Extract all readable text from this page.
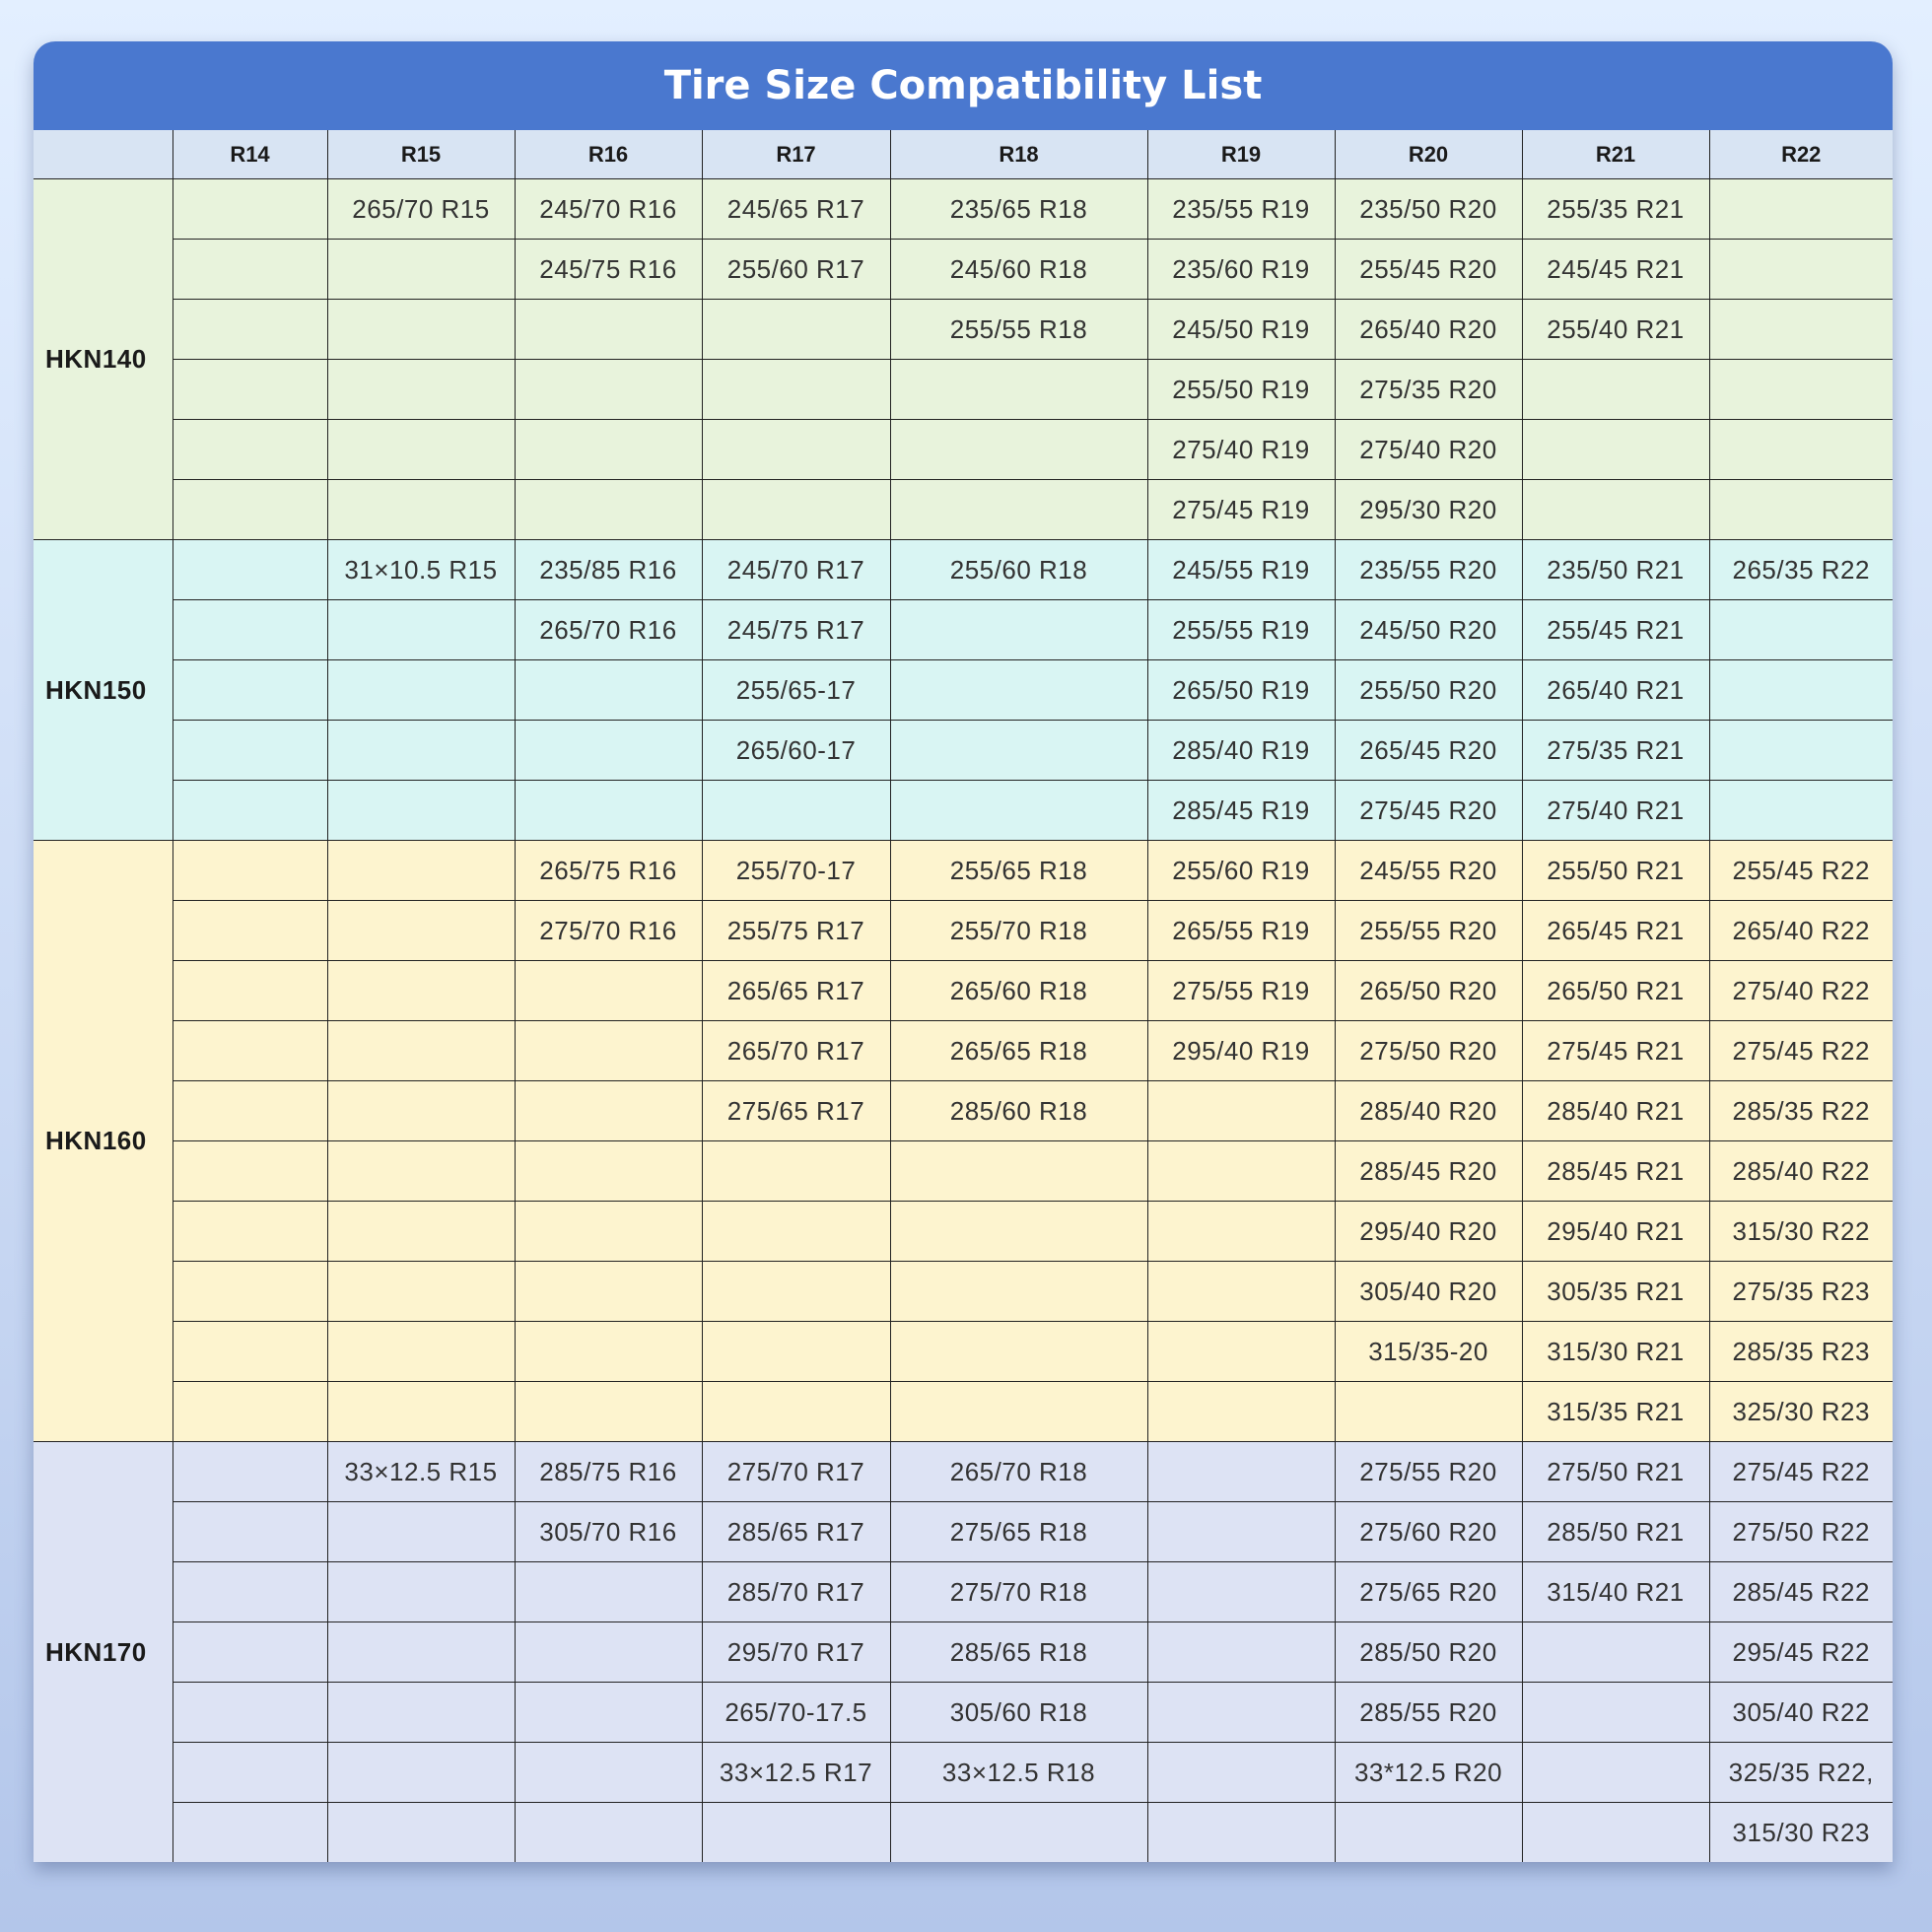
Tire Size Compatibility List
	R14	R15	R16	R17	R18	R19	R20	R21	R22
HKN140		265/70 R15	245/70 R16	245/65 R17	235/65 R18	235/55 R19	235/50 R20	255/35 R21	
			245/75 R16	255/60 R17	245/60 R18	235/60 R19	255/45 R20	245/45 R21	
					255/55 R18	245/50 R19	265/40 R20	255/40 R21	
						255/50 R19	275/35 R20		
						275/40 R19	275/40 R20		
						275/45 R19	295/30 R20		
HKN150		31×10.5 R15	235/85 R16	245/70 R17	255/60 R18	245/55 R19	235/55 R20	235/50 R21	265/35 R22
			265/70 R16	245/75 R17		255/55 R19	245/50 R20	255/45 R21	
				255/65-17		265/50 R19	255/50 R20	265/40 R21	
				265/60-17		285/40 R19	265/45 R20	275/35 R21	
						285/45 R19	275/45 R20	275/40 R21	
HKN160			265/75 R16	255/70-17	255/65 R18	255/60 R19	245/55 R20	255/50 R21	255/45 R22
			275/70 R16	255/75 R17	255/70 R18	265/55 R19	255/55 R20	265/45 R21	265/40 R22
				265/65 R17	265/60 R18	275/55 R19	265/50 R20	265/50 R21	275/40 R22
				265/70 R17	265/65 R18	295/40 R19	275/50 R20	275/45 R21	275/45 R22
				275/65 R17	285/60 R18		285/40 R20	285/40 R21	285/35 R22
							285/45 R20	285/45 R21	285/40 R22
							295/40 R20	295/40 R21	315/30 R22
							305/40 R20	305/35 R21	275/35 R23
							315/35-20	315/30 R21	285/35 R23
								315/35 R21	325/30 R23
HKN170		33×12.5 R15	285/75 R16	275/70 R17	265/70 R18		275/55 R20	275/50 R21	275/45 R22
			305/70 R16	285/65 R17	275/65 R18		275/60 R20	285/50 R21	275/50 R22
				285/70 R17	275/70 R18		275/65 R20	315/40 R21	285/45 R22
				295/70 R17	285/65 R18		285/50 R20		295/45 R22
				265/70-17.5	305/60 R18		285/55 R20		305/40 R22
				33×12.5 R17	33×12.5 R18		33*12.5 R20		325/35 R22,
									315/30 R23
